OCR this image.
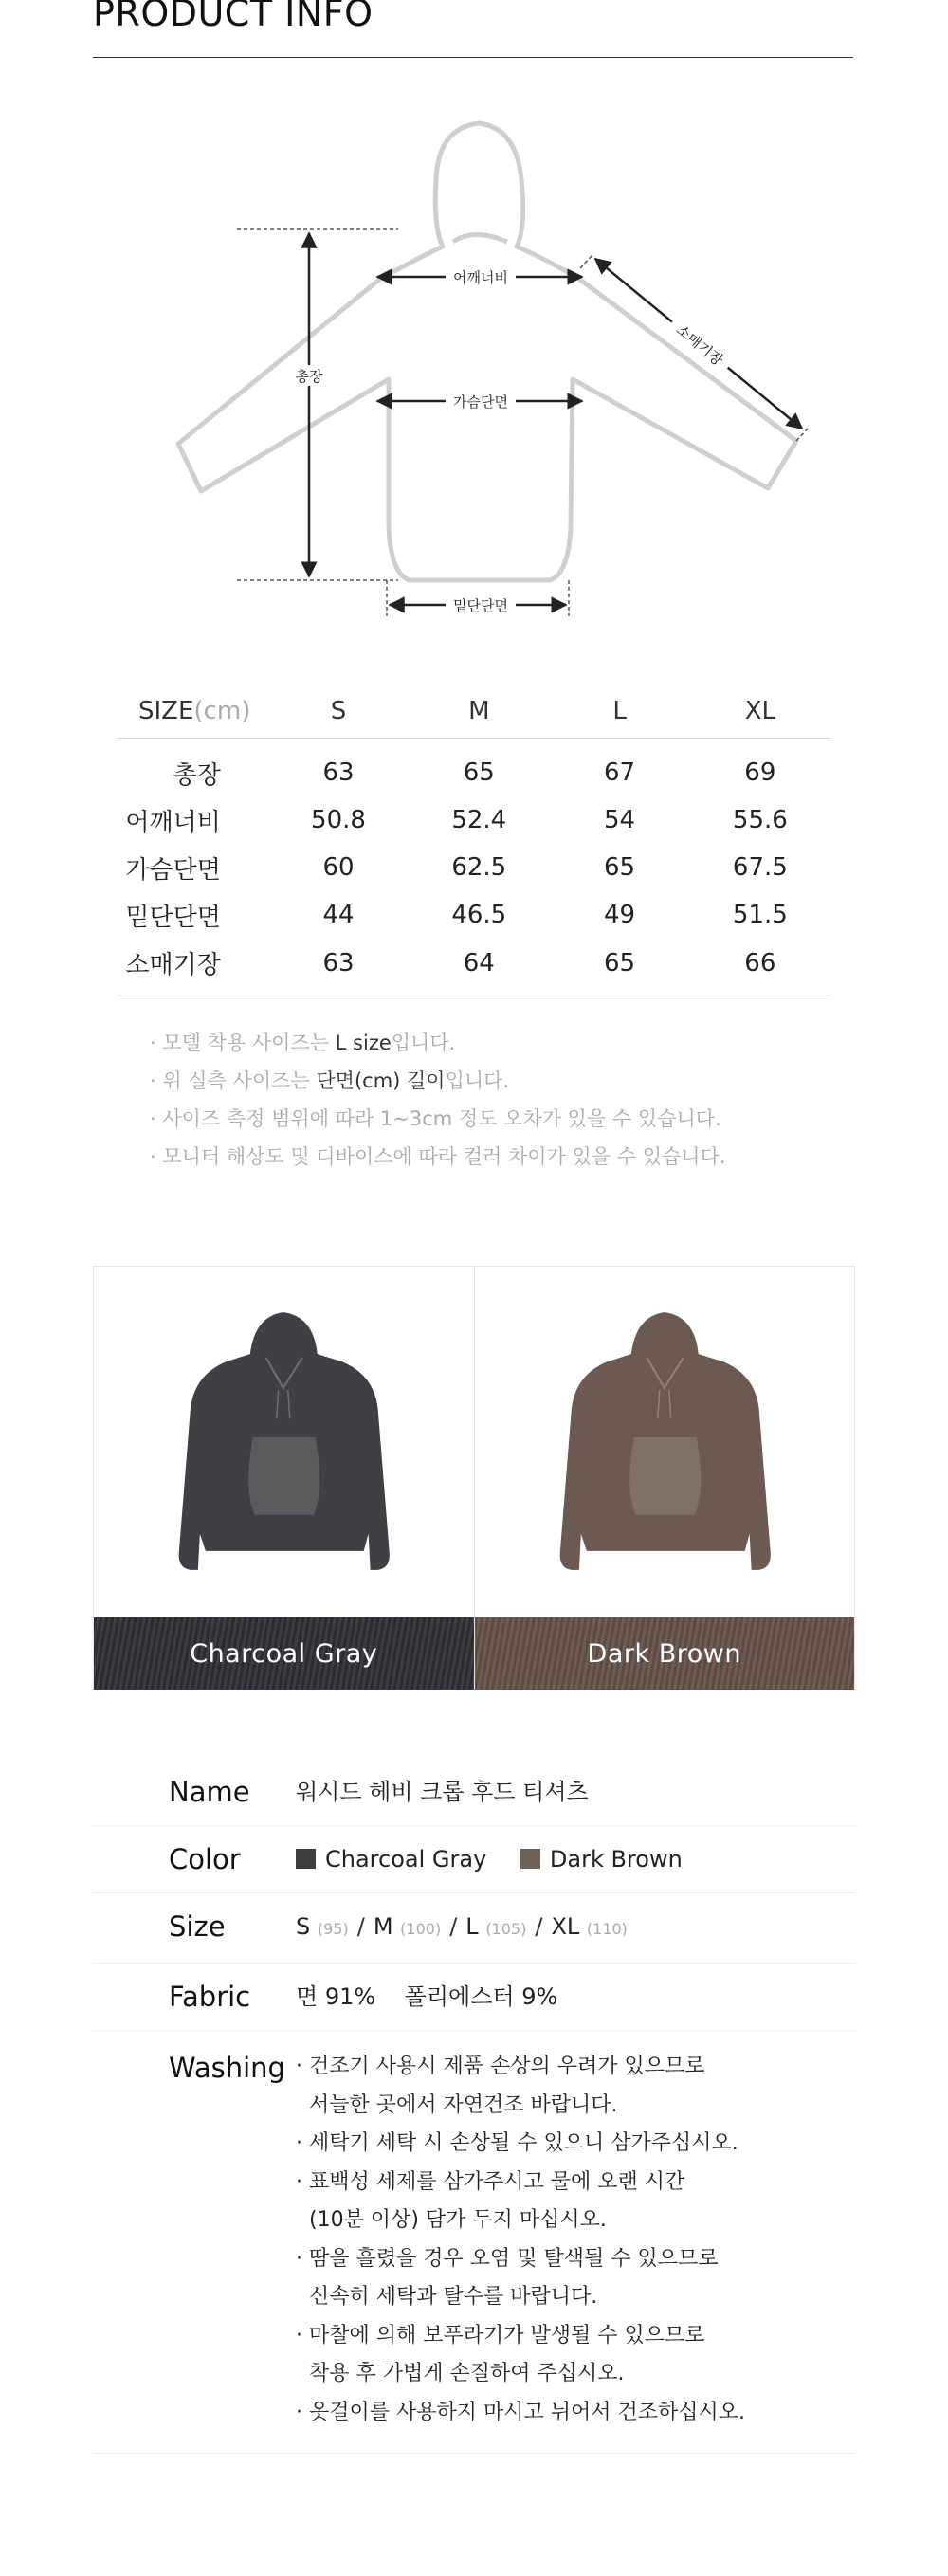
PRODUCT INFO
총장
어깨너비
가슴단면
밑단단면
소매기장
SIZE(cm)	S	M	L	XL
총장	63	65	67	69
어깨너비	50.8	52.4	54	55.6
가슴단면	60	62.5	65	67.5
밑단단면	44	46.5	49	51.5
소매기장	63	64	65	66
· 모델 착용 사이즈는 L size입니다.
· 위 실측 사이즈는 단면(cm) 길이입니다.
· 사이즈 측정 범위에 따라 1~3cm 정도 오차가 있을 수 있습니다.
· 모니터 해상도 및 디바이스에 따라 컬러 차이가 있을 수 있습니다.
Charcoal Gray	Dark Brown
Name	워시드 헤비 크롭 후드 티셔츠
Color	Charcoal Gray	Dark Brown
Size	S (95) / M (100) / L (105) / XL (110)
Fabric	면 91%    폴리에스터 9%
Washing · 건조기 사용시 제품 손상의 우려가 있으므로
서늘한 곳에서 자연건조 바랍니다.
· 세탁기 세탁 시 손상될 수 있으니 삼가주십시오.
· 표백성 세제를 삼가주시고 물에 오랜 시간
(10분 이상) 담가 두지 마십시오.
· 땀을 흘렸을 경우 오염 및 탈색될 수 있으므로
신속히 세탁과 탈수를 바랍니다.
· 마찰에 의해 보푸라기가 발생될 수 있으므로
착용 후 가볍게 손질하여 주십시오.
· 옷걸이를 사용하지 마시고 뉘어서 건조하십시오.
